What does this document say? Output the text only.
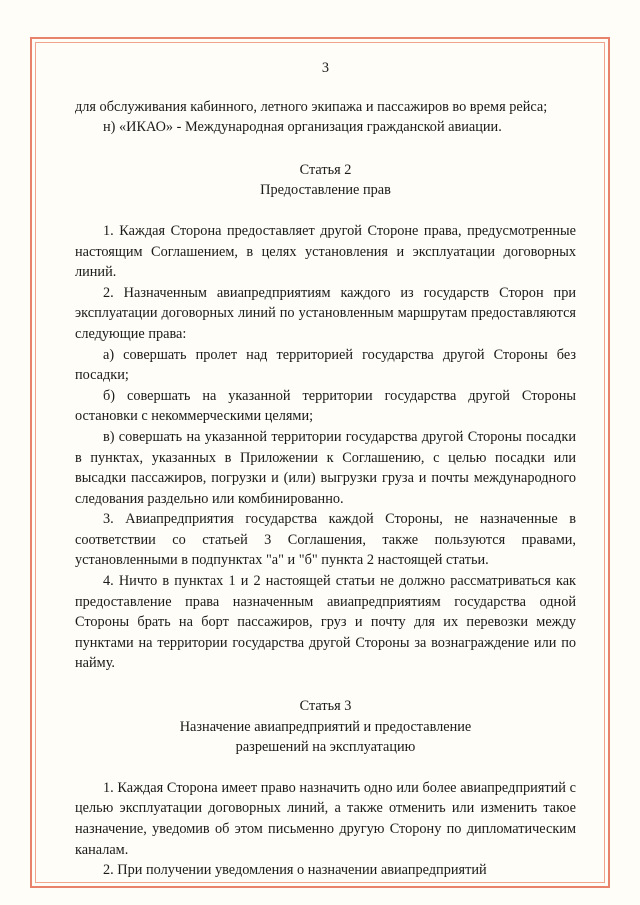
3

для обслуживания кабинного, летного экипажа и пассажиров во время рейса;

н) «ИКАО» - Международная организация гражданской авиации.

Статья 2

Предоставление прав

1. Каждая Сторона предоставляет другой Стороне права, предусмотренные настоящим Соглашением, в целях установления и эксплуатации договорных линий.

2. Назначенным авиапредприятиям каждого из государств Сторон при эксплуатации договорных линий по установленным маршрутам предоставляются следующие права:

а) совершать пролет над территорией государства другой Стороны без посадки;

б) совершать на указанной территории государства другой Стороны остановки с некоммерческими целями;

в) совершать на указанной территории государства другой Стороны посадки в пунктах, указанных в Приложении к Соглашению, с целью посадки или высадки пассажиров, погрузки и (или) выгрузки груза и почты международного следования раздельно или комбинированно.

3. Авиапредприятия государства каждой Стороны, не назначенные в соответствии со статьей 3 Соглашения, также пользуются правами, установленными в подпунктах "а" и "б" пункта 2 настоящей статьи.

4. Ничто в пунктах 1 и 2 настоящей статьи не должно рассматриваться как предоставление права назначенным авиапредприятиям государства одной Стороны брать на борт пассажиров, груз и почту для их перевозки между пунктами на территории государства другой Стороны за вознаграждение или по найму.

Статья 3

Назначение авиапредприятий и предоставление

разрешений на эксплуатацию

1. Каждая Сторона имеет право назначить одно или более авиапредприятий с целью эксплуатации договорных линий, а также отменить или изменить такое назначение, уведомив об этом письменно другую Сторону по дипломатическим каналам.

2. При получении уведомления о назначении авиапредприятий
